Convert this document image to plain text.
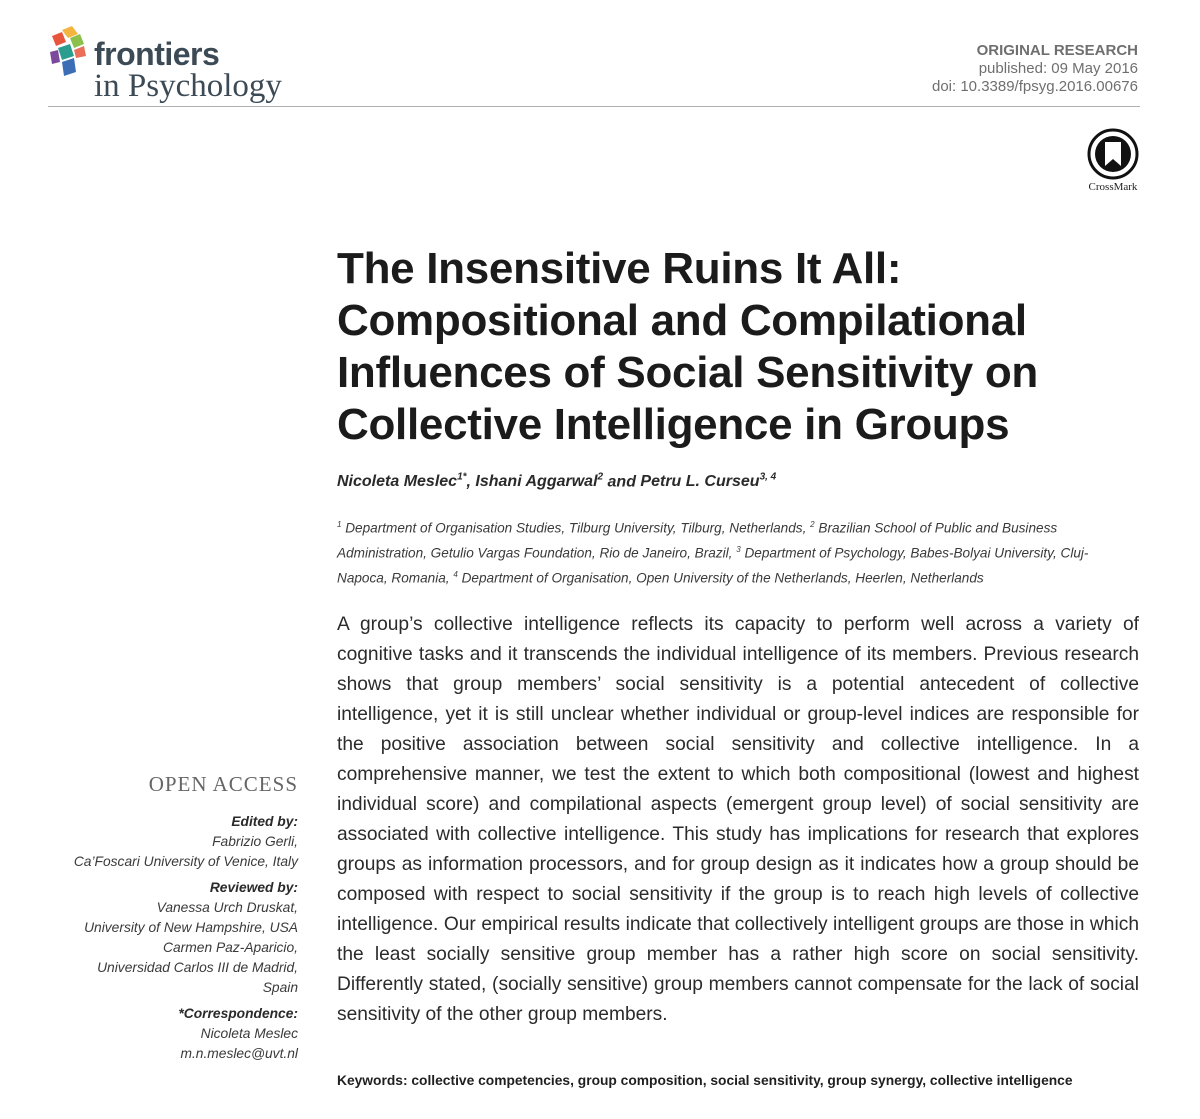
frontiers
in Psychology
ORIGINAL RESEARCH
published: 09 May 2016
doi: 10.3389/fpsyg.2016.00676
CrossMark
The Insensitive Ruins It All: Compositional and Compilational Influences of Social Sensitivity on Collective Intelligence in Groups
Nicoleta Meslec$^{1*}$, Ishani Aggarwal$^2$ and Petru L. Curseu$^{3, 4}$
$^1$ Department of Organisation Studies, Tilburg University, Tilburg, Netherlands, $^2$ Brazilian School of Public and Business Administration, Getulio Vargas Foundation, Rio de Janeiro, Brazil, $^3$ Department of Psychology, Babes-Bolyai University, Cluj-Napoca, Romania, $^4$ Department of Organisation, Open University of the Netherlands, Heerlen, Netherlands
A group’s collective intelligence reflects its capacity to perform well across a variety of cognitive tasks and it transcends the individual intelligence of its members. Previous research shows that group members’ social sensitivity is a potential antecedent of collective intelligence, yet it is still unclear whether individual or group-level indices are responsible for the positive association between social sensitivity and collective intelligence. In a comprehensive manner, we test the extent to which both compositional (lowest and highest individual score) and compilational aspects (emergent group level) of social sensitivity are associated with collective intelligence. This study has implications for research that explores groups as information processors, and for group design as it indicates how a group should be composed with respect to social sensitivity if the group is to reach high levels of collective intelligence. Our empirical results indicate that collectively intelligent groups are those in which the least socially sensitive group member has a rather high score on social sensitivity. Differently stated, (socially sensitive) group members cannot compensate for the lack of social sensitivity of the other group members.
Keywords: collective competencies, group composition, social sensitivity, group synergy, collective intelligence
OPEN ACCESS
Edited by:
Fabrizio Gerli,
Ca’Foscari University of Venice, Italy
Reviewed by:
Vanessa Urch Druskat,
University of New Hampshire, USA
Carmen Paz-Aparicio,
Universidad Carlos III de Madrid,
Spain
*Correspondence:
Nicoleta Meslec
m.n.meslec@uvt.nl
